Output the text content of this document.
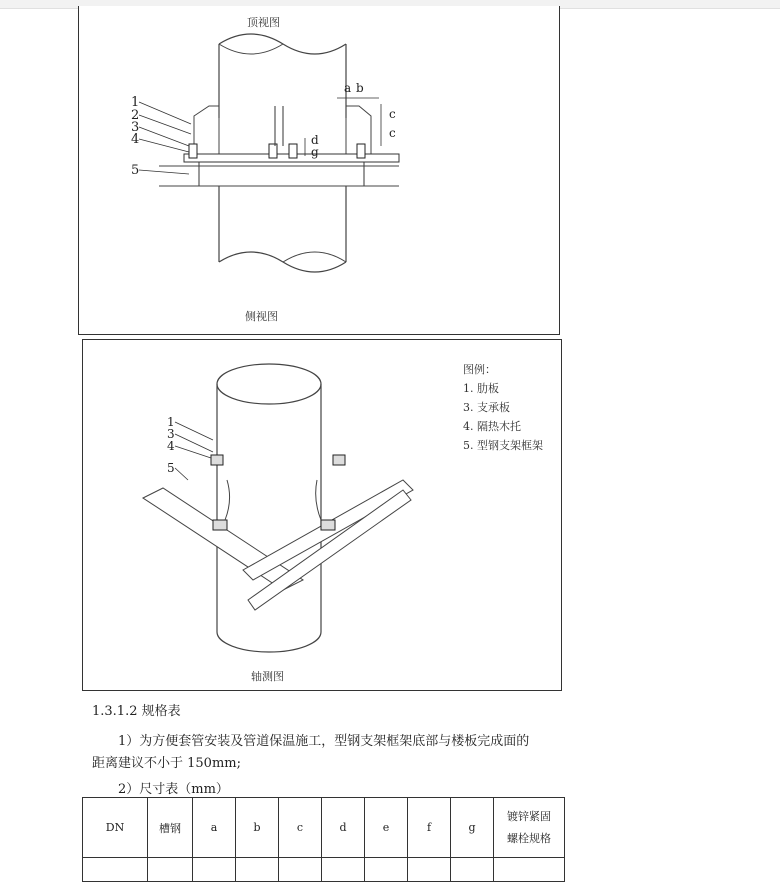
顶视图
1
2
3
4
5
a b
c
c
d
g
侧视图
1
3
4
5
轴测图
图例：
1. 肋板
3. 支承板
4. 隔热木托
5. 型钢支架框架
1.3.1.2 规格表
1）为方便套管安装及管道保温施工，型钢支架框架底部与楼板完成面的
距离建议不小于 150mm;
2）尺寸表（mm）
DN	槽钢	a	b	c	d	e	f	g	镀锌紧固
螺栓规格
